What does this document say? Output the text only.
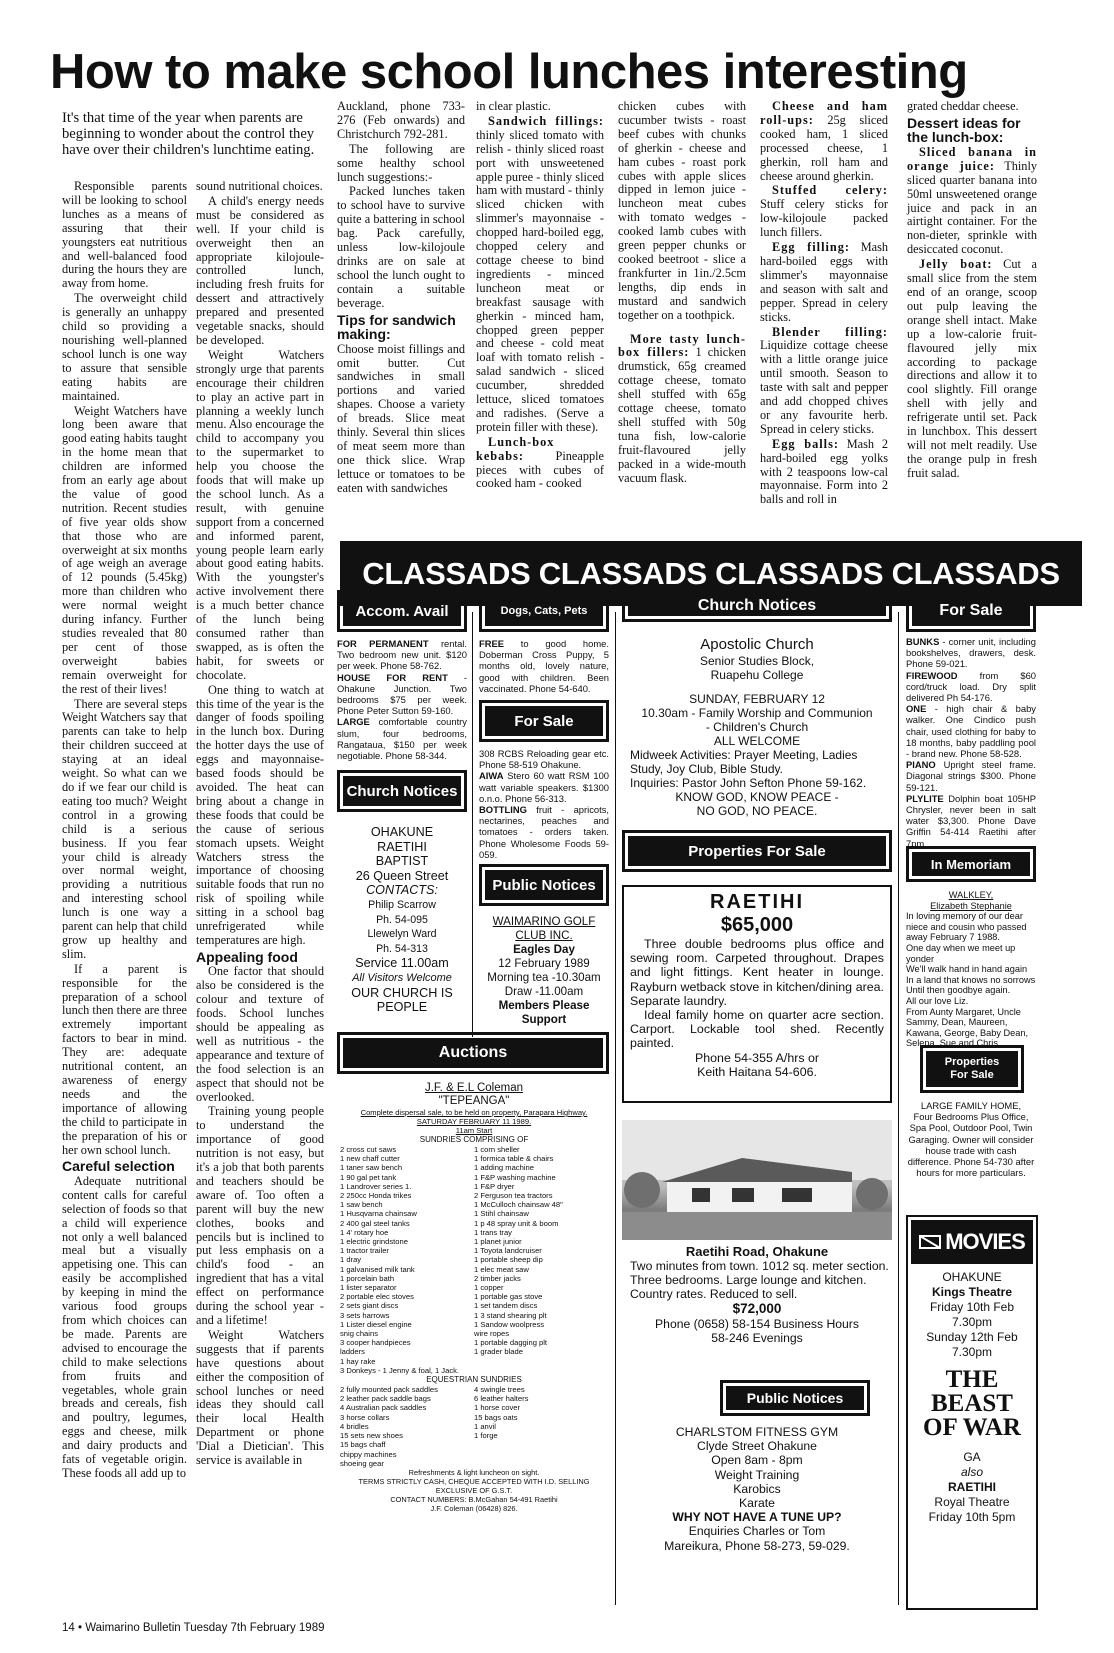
How to make school lunches interesting
It's that time of the year when parents are beginning to wonder about the control they have over their children's lunchtime eating.

Responsible parents will be looking to school lunches as a means of assuring that their youngsters eat nutritious and well-balanced food during the hours they are away from home.

The overweight child is generally an unhappy child so providing a nourishing well-planned school lunch is one way to assure that sensible eating habits are maintained.

Weight Watchers have long been aware that good eating habits taught in the home mean that children are informed from an early age about the value of good nutrition. Recent studies of five year olds show that those who are overweight at six months of age weigh an average of 12 pounds (5.45kg) more than children who were normal weight during infancy. Further studies revealed that 80 per cent of those overweight babies remain overweight for the rest of their lives!

There are several steps Weight Watchers say that parents can take to help their children succeed at staying at an ideal weight. So what can we do if we fear our child is eating too much? Weight control in a growing child is a serious business. If you fear your child is already over normal weight, providing a nutritious and interesting school lunch is one way a parent can help that child grow up healthy and slim.

If a parent is responsible for the preparation of a school lunch then there are three extremely important factors to bear in mind. They are: adequate nutritional content, an awareness of energy needs and the importance of allowing the child to participate in the preparation of his or her own school lunch.

Careful selection

Adequate nutritional content calls for careful selection of foods so that a child will experience not only a well balanced meal but a visually appetising one. This can easily be accomplished by keeping in mind the various food groups from which choices can be made. Parents are advised to encourage the child to make selections from fruits and vegetables, whole grain breads and cereals, fish and poultry, legumes, eggs and cheese, milk and dairy products and fats of vegetable origin. These foods all add up to

sound nutritional choices.

A child's energy needs must be considered as well. If your child is overweight then an appropriate kilojoule-controlled lunch, including fresh fruits for dessert and attractively prepared and presented vegetable snacks, should be developed.

Weight Watchers strongly urge that parents encourage their children to play an active part in planning a weekly lunch menu. Also encourage the child to accompany you to the supermarket to help you choose the foods that will make up the school lunch. As a result, with genuine support from a concerned and informed parent, young people learn early about good eating habits. With the youngster's active involvement there is a much better chance of the lunch being consumed rather than swapped, as is often the habit, for sweets or chocolate.

One thing to watch at this time of the year is the danger of foods spoiling in the lunch box. During the hotter days the use of eggs and mayonnaise-based foods should be avoided. The heat can bring about a change in these foods that could be the cause of serious stomach upsets. Weight Watchers stress the importance of choosing suitable foods that run no risk of spoiling while sitting in a school bag unrefrigerated while temperatures are high.

Appealing food

One factor that should also be considered is the colour and texture of foods. School lunches should be appealing as well as nutritious - the appearance and texture of the food selection is an aspect that should not be overlooked.

Training young people to understand the importance of good nutrition is not easy, but it's a job that both parents and teachers should be aware of. Too often a parent will buy the new clothes, books and pencils but is inclined to put less emphasis on a child's food - an ingredient that has a vital effect on performance during the school year - and a lifetime!

Weight Watchers suggests that if parents have questions about either the composition of school lunches or need ideas they should call their local Health Department or phone 'Dial a Dietician'. This service is available in

Auckland, phone 733-276 (Feb onwards) and Christchurch 792-281.

The following are some healthy school lunch suggestions:-

Packed lunches taken to school have to survive quite a battering in school bag. Pack carefully, unless low-kilojoule drinks are on sale at school the lunch ought to contain a suitable beverage.

Tips for sandwich making:

Choose moist fillings and omit butter. Cut sandwiches in small portions and varied shapes. Choose a variety of breads. Slice meat thinly. Several thin slices of meat seem more than one thick slice. Wrap lettuce or tomatoes to be eaten with sandwiches

in clear plastic.

Sandwich fillings: thinly sliced tomato with relish - thinly sliced roast port with unsweetened apple puree - thinly sliced ham with mustard - thinly sliced chicken with slimmer's mayonnaise - chopped hard-boiled egg, chopped celery and cottage cheese to bind ingredients - minced luncheon meat or breakfast sausage with gherkin - minced ham, chopped green pepper and cheese - cold meat loaf with tomato relish - salad sandwich - sliced cucumber, shredded lettuce, sliced tomatoes and radishes. (Serve a protein filler with these).

Lunch-box kebabs:	Pineapple pieces with cubes of cooked ham - cooked

chicken cubes with cucumber twists - roast beef cubes with chunks of gherkin - cheese and ham cubes - roast pork cubes with apple slices dipped in lemon juice - luncheon meat cubes with tomato wedges - cooked lamb cubes with green pepper chunks or cooked beetroot - slice a frankfurter in 1in./2.5cm lengths, dip ends in mustard and sandwich together on a toothpick.

More tasty lunch-box fillers: 1 chicken drumstick, 65g creamed cottage cheese, tomato shell stuffed with 65g cottage cheese, tomato shell stuffed with 50g tuna fish, low-calorie fruit-flavoured jelly packed in a wide-mouth vacuum flask.

Cheese and ham roll-ups: 25g sliced cooked ham, 1 sliced processed cheese, 1 gherkin, roll ham and cheese around gherkin.

Stuffed celery: Stuff celery sticks for low-kilojoule packed lunch fillers.

Egg filling: Mash hard-boiled eggs with slimmer's mayonnaise and season with salt and pepper. Spread in celery sticks.

Blender filling: Liquidize cottage cheese with a little orange juice until smooth. Season to taste with salt and pepper and add chopped chives or any favourite herb. Spread in celery sticks.

Egg balls: Mash 2 hard-boiled egg yolks with 2 teaspoons low-cal mayonnaise. Form into 2 balls and roll in

grated cheddar cheese.

Dessert ideas for the lunch-box:

Sliced banana in orange juice: Thinly sliced quarter banana into 50ml unsweetened orange juice and pack in an airtight container. For the non-dieter, sprinkle with desiccated coconut.

Jelly boat: Cut a small slice from the stem end of an orange, scoop out pulp leaving the orange shell intact. Make up a low-calorie fruit-flavoured jelly mix according to package directions and allow it to cool slightly. Fill orange shell with jelly and refrigerate until set. Pack in lunchbox. This dessert will not melt readily. Use the orange pulp in fresh fruit salad.

CLASSADS CLASSADS CLASSADS CLASSADS
Accom. Avail
FOR PERMANENT rental. Two bedroom new unit. $120 per week. Phone 58-762.
HOUSE FOR RENT - Ohakune Junction. Two bedrooms $75 per week. Phone Peter Sutton 59-160.
LARGE comfortable country slum, four bedrooms, Rangataua, $150 per week negotiable. Phone 58-344.
Church Notices
OHAKUNE
RAETIHI
BAPTIST
26 Queen Street
CONTACTS:
Philip Scarrow
Ph. 54-095
Llewelyn Ward
Ph. 54-313
Service 11.00am
All Visitors Welcome
OUR CHURCH IS
PEOPLE
Dogs, Cats, Pets
FREE to good home. Doberman Cross Puppy, 5 months old, lovely nature, good with children. Been vaccinated. Phone 54-640.
For Sale
308 RCBS Reloading gear etc. Phone 58-519 Ohakune.
AIWA Stero 60 watt RSM 100 watt variable speakers. $1300 o.n.o. Phone 56-313.
BOTTLING fruit - apricots, nectarines, peaches and tomatoes - orders taken. Phone Wholesome Foods 59-059.
Public Notices
WAIMARINO GOLF CLUB INC.
Eagles Day
12 February 1989
Morning tea -10.30am
Draw -11.00am
Members Please
Support
Auctions
J.F. & E.L Coleman
"TEPEANGA"
Complete dispersal sale, to be held on property, Paraparа Highway.
SATURDAY FEBRUARY 11 1989.
11am Start
SUNDRIES COMPRISING OF
2 cross cut saws
1 new chaff cutter
1 taner saw bench
1 90 gal pet tank
1 Landrover series 1.
2 250cc Honda trikes
1 saw bench
1 Husqvarna chainsaw
2 400 gal steel tanks
1 4' rotary hoe
1 electric grindstone
1 tractor trailer
1 dray
1 galvanised milk tank
1 porcelain bath
1 lister separator
2 portable elec stoves
2 sets giant discs
3 sets harrows
1 Lister diesel engine
snig chains
3 cooper handpieces
ladders
1 hay rake
3 Donkeys - 1 Jenny & foal, 1 Jack.
1 corn sheller
1 formica table & chairs
1 adding machine
1 F&P washing machine
1 F&P dryer
2 Ferguson tea tractors
1 McCulloch chainsaw 48"
1 Stihl chainsaw
1 p 48 spray unit & boom
1 trans tray
1 planet junior
1 Toyota landcruiser
1 portable sheep dip
1 elec meat saw
2 timber jacks
1 copper
1 portable gas stove
1 set tandem discs
1 3 stand shearing plt
1 Sandow woolpress
wire ropes
1 portable dagging plt
1 grader blade
EQUESTRIAN SUNDRIES
2 fully mounted pack saddles
2 leather pack saddle bags
4 Australian pack saddles
3 horse collars
4 bridles
15 sets new shoes
15 bags chaff
chippy machines
shoeing gear
4 swingle trees
6 leather halters
1 horse cover
15 bags oats
1 anvil
1 forge
Refreshments & light luncheon on sight.
TERMS STRICTLY CASH, CHEQUE ACCEPTED WITH I.D. SELLING EXCLUSIVE OF G.S.T.
CONTACT NUMBERS: B.McGahan 54-491 Raetihi
J.F. Coleman (06428) 826.
Church Notices
Apostolic Church
Senior Studies Block,
Ruapehu College
SUNDAY, FEBRUARY 12
10.30am - Family Worship and Communion
- Children's Church
ALL WELCOME
Midweek Activities: Prayer Meeting, Ladies Study, Joy Club, Bible Study.
Inquiries: Pastor John Sefton Phone 59-162.
KNOW GOD, KNOW PEACE -
NO GOD, NO PEACE.
Properties For Sale
RAETIHI
$65,000
Three double bedrooms plus office and sewing room. Carpeted throughout. Drapes and light fittings. Kent heater in lounge. Rayburn wetback stove in kitchen/dining area. Separate laundry.
Ideal family home on quarter acre section. Carport. Lockable tool shed. Recently painted.
Phone 54-355 A/hrs or
Keith Haitana 54-606.
Raetihi Road, Ohakune
Two minutes from town. 1012 sq. meter section. Three bedrooms. Large lounge and kitchen. Country rates. Reduced to sell.
$72,000
Phone (0658) 58-154 Business Hours
58-246 Evenings
Public Notices
CHARLSTOM FITNESS GYM
Clyde Street Ohakune
Open 8am - 8pm
Weight Training
Karobics
Karate
WHY NOT HAVE A TUNE UP?
Enquiries Charles or Tom
Mareikura, Phone 58-273, 59-029.
For Sale
BUNKS - corner unit, including bookshelves, drawers, desk. Phone 59-021.
FIREWOOD from $60 cord/truck load. Dry split delivered Ph 54-176.
ONE - high chair & baby walker. One Cindico push chair, used clothing for baby to 18 months, baby paddling pool - brand new. Phone 58-528.
PIANO Upright steel frame. Diagonal strings $300. Phone 59-121.
PLYLITE Dolphin boat 105HP Chrysler, never been in salt water $3,300. Phone Dave Griffin 54-414 Raetihi after 7pm.
In Memoriam
WALKLEY,
Elizabeth Stephanie
In loving memory of our dear niece and cousin who passed away February 7 1988.
One day when we meet up yonder
We'll walk hand in hand again
In a land that knows no sorrows
Until then goodbye again.
All our love Liz.
From Aunty Margaret, Uncle Sammy, Dean, Maureen, Kawana, George, Baby Dean, Selena, Sue and Chris.
Properties
For Sale
LARGE FAMILY HOME,
Four Bedrooms Plus Office, Spa Pool, Outdoor Pool, Twin Garaging. Owner will consider house trade with cash difference. Phone 54-730 after hours for more particulars.
MOVIES
OHAKUNE
Kings Theatre
Friday 10th Feb
7.30pm
Sunday 12th Feb
7.30pm
THE
BEAST
OF WAR
GA
also
RAETIHI
Royal Theatre
Friday 10th 5pm
14 • Waimarino Bulletin Tuesday 7th February 1989
